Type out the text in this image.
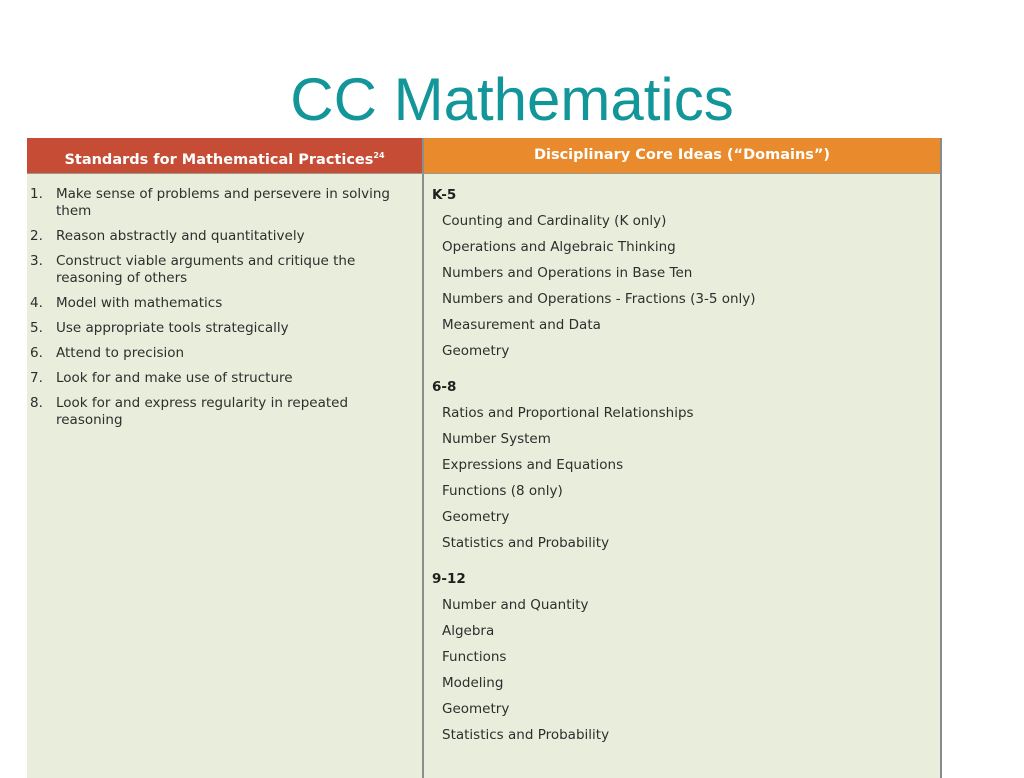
CC Mathematics
Standards for Mathematical Practices$^{24}$	Disciplinary Core Ideas (“Domains”)
1. Make sense of problems and persevere in solving them
2. Reason abstractly and quantitatively
3. Construct viable arguments and critique the reasoning of others
4. Model with mathematics
5. Use appropriate tools strategically
6. Attend to precision
7. Look for and make use of structure
8. Look for and express regularity in repeated reasoning
K-5
Counting and Cardinality (K only)
Operations and Algebraic Thinking
Numbers and Operations in Base Ten
Numbers and Operations - Fractions (3-5 only)
Measurement and Data
Geometry
6-8
Ratios and Proportional Relationships
Number System
Expressions and Equations
Functions (8 only)
Geometry
Statistics and Probability
9-12
Number and Quantity
Algebra
Functions
Modeling
Geometry
Statistics and Probability
